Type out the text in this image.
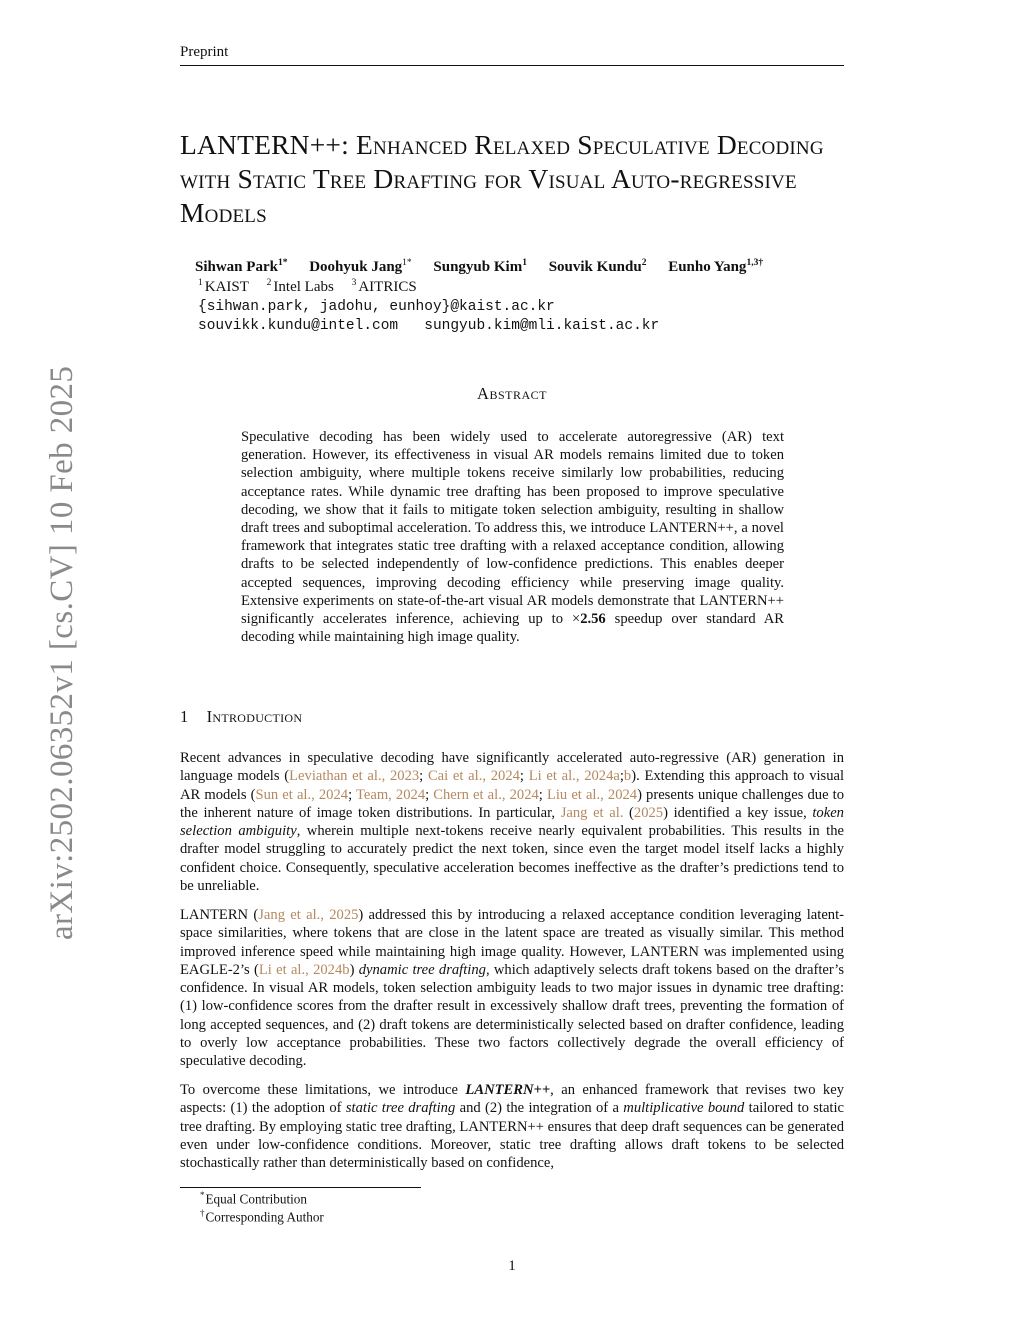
Preprint
LANTERN++: Enhanced Relaxed Speculative Decoding with Static Tree Drafting for Visual Auto-regressive Models
Sihwan Park$^{1*}$ Doohyuk Jang$^{1*}$ Sungyub Kim$^1$ Souvik Kundu$^2$ Eunho Yang$^{1,3\dagger}$
$^1$ KAIST $^2$ Intel Labs $^3$ AITRICS
{sihwan.park, jadohu, eunhoy}@kaist.ac.kr
souvikk.kundu@intel.com   sungyub.kim@mli.kaist.ac.kr
Abstract
Speculative decoding has been widely used to accelerate autoregressive (AR) text generation. However, its effectiveness in visual AR models remains limited due to token selection ambiguity, where multiple tokens receive similarly low probabilities, reducing acceptance rates. While dynamic tree drafting has been proposed to improve speculative decoding, we show that it fails to mitigate token selection ambiguity, resulting in shallow draft trees and suboptimal acceleration. To address this, we introduce LANTERN++, a novel framework that integrates static tree drafting with a relaxed acceptance condition, allowing drafts to be selected independently of low-confidence predictions. This enables deeper accepted sequences, improving decoding efficiency while preserving image quality. Extensive experiments on state-of-the-art visual AR models demonstrate that LANTERN++ significantly accelerates inference, achieving up to ×2.56 speedup over standard AR decoding while maintaining high image quality.
1 Introduction

Recent advances in speculative decoding have significantly accelerated auto-regressive (AR) generation in language models (Leviathan et al., 2023; Cai et al., 2024; Li et al., 2024a;b). Extending this approach to visual AR models (Sun et al., 2024; Team, 2024; Chern et al., 2024; Liu et al., 2024) presents unique challenges due to the inherent nature of image token distributions. In particular, Jang et al. (2025) identified a key issue, token selection ambiguity, wherein multiple next-tokens receive nearly equivalent probabilities. This results in the drafter model struggling to accurately predict the next token, since even the target model itself lacks a highly confident choice. Consequently, speculative acceleration becomes ineffective as the drafter’s predictions tend to be unreliable.

LANTERN (Jang et al., 2025) addressed this by introducing a relaxed acceptance condition leveraging latent-space similarities, where tokens that are close in the latent space are treated as visually similar. This method improved inference speed while maintaining high image quality. However, LANTERN was implemented using EAGLE-2’s (Li et al., 2024b) dynamic tree drafting, which adaptively selects draft tokens based on the drafter’s confidence. In visual AR models, token selection ambiguity leads to two major issues in dynamic tree drafting: (1) low-confidence scores from the drafter result in excessively shallow draft trees, preventing the formation of long accepted sequences, and (2) draft tokens are deterministically selected based on drafter confidence, leading to overly low acceptance probabilities. These two factors collectively degrade the overall efficiency of speculative decoding.

To overcome these limitations, we introduce LANTERN++, an enhanced framework that revises two key aspects: (1) the adoption of static tree drafting and (2) the integration of a multiplicative bound tailored to static tree drafting. By employing static tree drafting, LANTERN++ ensures that deep draft sequences can be generated even under low-confidence conditions. Moreover, static tree drafting allows draft tokens to be selected stochastically rather than deterministically based on confidence,

*Equal Contribution
†Corresponding Author
1
arXiv:2502.06352v1 [cs.CV] 10 Feb 2025
